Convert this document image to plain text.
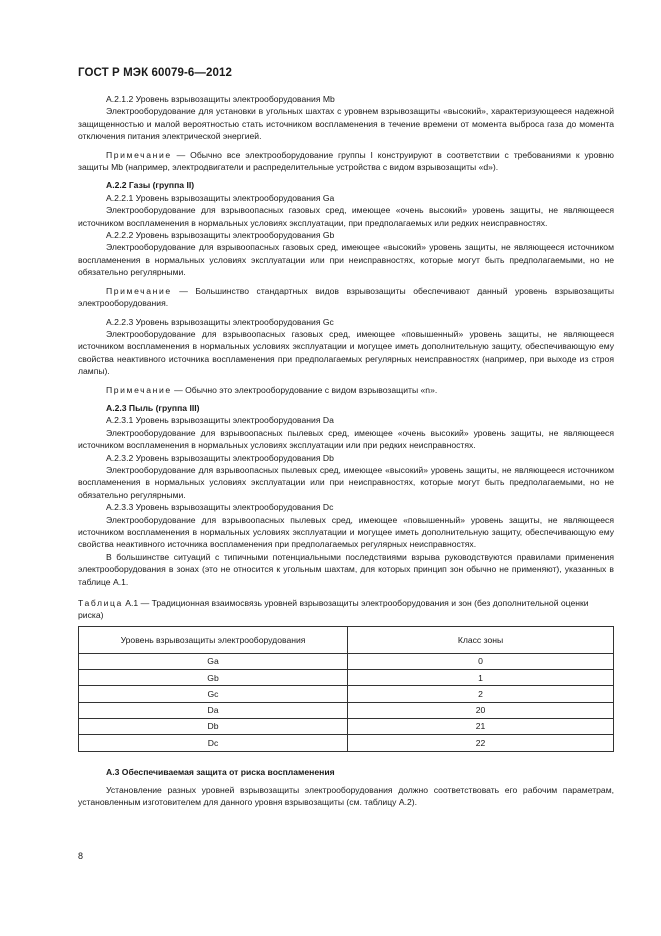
ГОСТ Р МЭК 60079-6—2012

А.2.1.2 Уровень взрывозащиты электрооборудования Mb

Электрооборудование для установки в угольных шахтах с уровнем взрывозащиты «высокий», характеризующееся надежной защищенностью и малой вероятностью стать источником воспламенения в течение времени от момента выброса газа до момента отключения питания электрической энергией.

Примечание — Обычно все электрооборудование группы I конструируют в соответствии с требованиями к уровню защиты Mb (например, электродвигатели и распределительные устройства с видом взрывозащиты «d»).

А.2.2 Газы (группа II)

А.2.2.1 Уровень взрывозащиты электрооборудования Ga

Электрооборудование для взрывоопасных газовых сред, имеющее «очень высокий» уровень защиты, не являющееся источником воспламенения в нормальных условиях эксплуатации, при предполагаемых или редких неисправностях.

А.2.2.2 Уровень взрывозащиты электрооборудования Gb

Электрооборудование для взрывоопасных газовых сред, имеющее «высокий» уровень защиты, не являющееся источником воспламенения в нормальных условиях эксплуатации или при неисправностях, которые могут быть предполагаемыми, но не обязательно регулярными.

Примечание — Большинство стандартных видов взрывозащиты обеспечивают данный уровень взрывозащиты электрооборудования.

А.2.2.3 Уровень взрывозащиты электрооборудования Gc

Электрооборудование для взрывоопасных газовых сред, имеющее «повышенный» уровень защиты, не являющееся источником воспламенения в нормальных условиях эксплуатации и могущее иметь дополнительную защиту, обеспечивающую ему свойства неактивного источника воспламенения при предполагаемых регулярных неисправностях (например, при выходе из строя лампы).

Примечание — Обычно это электрооборудование с видом взрывозащиты «n».

А.2.3 Пыль (группа III)

А.2.3.1 Уровень взрывозащиты электрооборудования Da

Электрооборудование для взрывоопасных пылевых сред, имеющее «очень высокий» уровень защиты, не являющееся источником воспламенения в нормальных условиях эксплуатации или при редких неисправностях.

А.2.3.2 Уровень взрывозащиты электрооборудования Db

Электрооборудование для взрывоопасных пылевых сред, имеющее «высокий» уровень защиты, не являющееся источником воспламенения в нормальных условиях эксплуатации или при неисправностях, которые могут быть предполагаемыми, но не обязательно регулярными.

А.2.3.3 Уровень взрывозащиты электрооборудования Dc

Электрооборудование для взрывоопасных пылевых сред, имеющее «повышенный» уровень защиты, не являющееся источником воспламенения в нормальных условиях эксплуатации и могущее иметь дополнительную защиту, обеспечивающую ему свойства неактивного источника воспламенения при предполагаемых регулярных неисправностях.

В большинстве ситуаций с типичными потенциальными последствиями взрыва руководствуются правилами применения электрооборудования в зонах (это не относится к угольным шахтам, для которых принцип зон обычно не применяют), указанных в таблице А.1.

Таблица А.1 — Традиционная взаимосвязь уровней взрывозащиты электрооборудования и зон (без дополнительной оценки риска)

Уровень взрывозащиты электрооборудования	Класс зоны
Ga	0
Gb	1
Gc	2
Da	20
Db	21
Dc	22

А.3 Обеспечиваемая защита от риска воспламенения

Установление разных уровней взрывозащиты электрооборудования должно соответствовать его рабочим параметрам, установленным изготовителем для данного уровня взрывозащиты (см. таблицу А.2).

8
